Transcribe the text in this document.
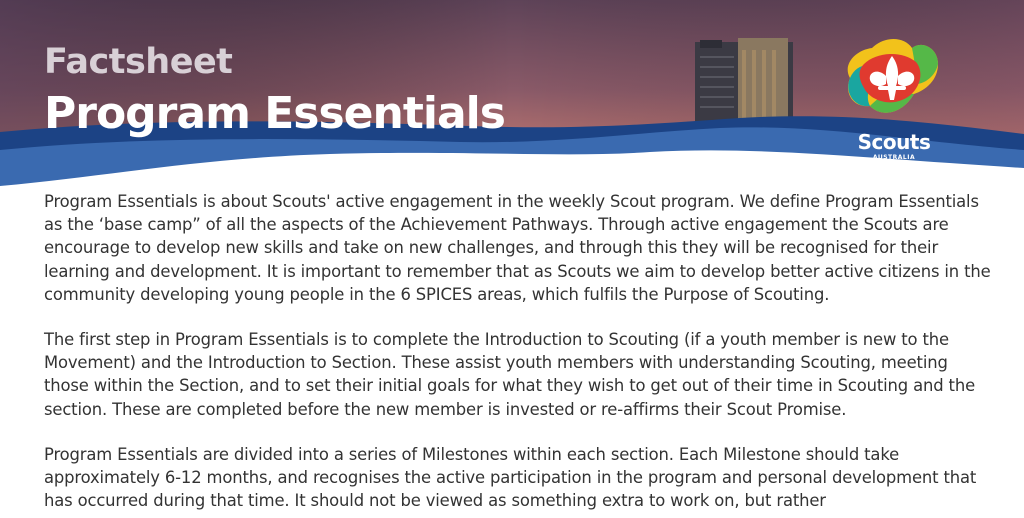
Factsheet
Program Essentials
Scouts
AUSTRALIA

Program Essentials is about Scouts' active engagement in the weekly Scout program. We define Program Essentials as the ‘base camp” of all the aspects of the Achievement Pathways. Through active engagement the Scouts are encourage to develop new skills and take on new challenges, and through this they will be recognised for their learning and development. It is important to remember that as Scouts we aim to develop better active citizens in the community developing young people in the 6 SPICES areas, which fulfils the Purpose of Scouting.

The first step in Program Essentials is to complete the Introduction to Scouting (if a youth member is new to the Movement) and the Introduction to Section. These assist youth members with understanding Scouting, meeting those within the Section, and to set their initial goals for what they wish to get out of their time in Scouting and the section. These are completed before the new member is invested or re-affirms their Scout Promise.

Program Essentials are divided into a series of Milestones within each section. Each Milestone should take approximately 6-12 months, and recognises the active participation in the program and personal development that has occurred during that time. It should not be viewed as something extra to work on, but rather
